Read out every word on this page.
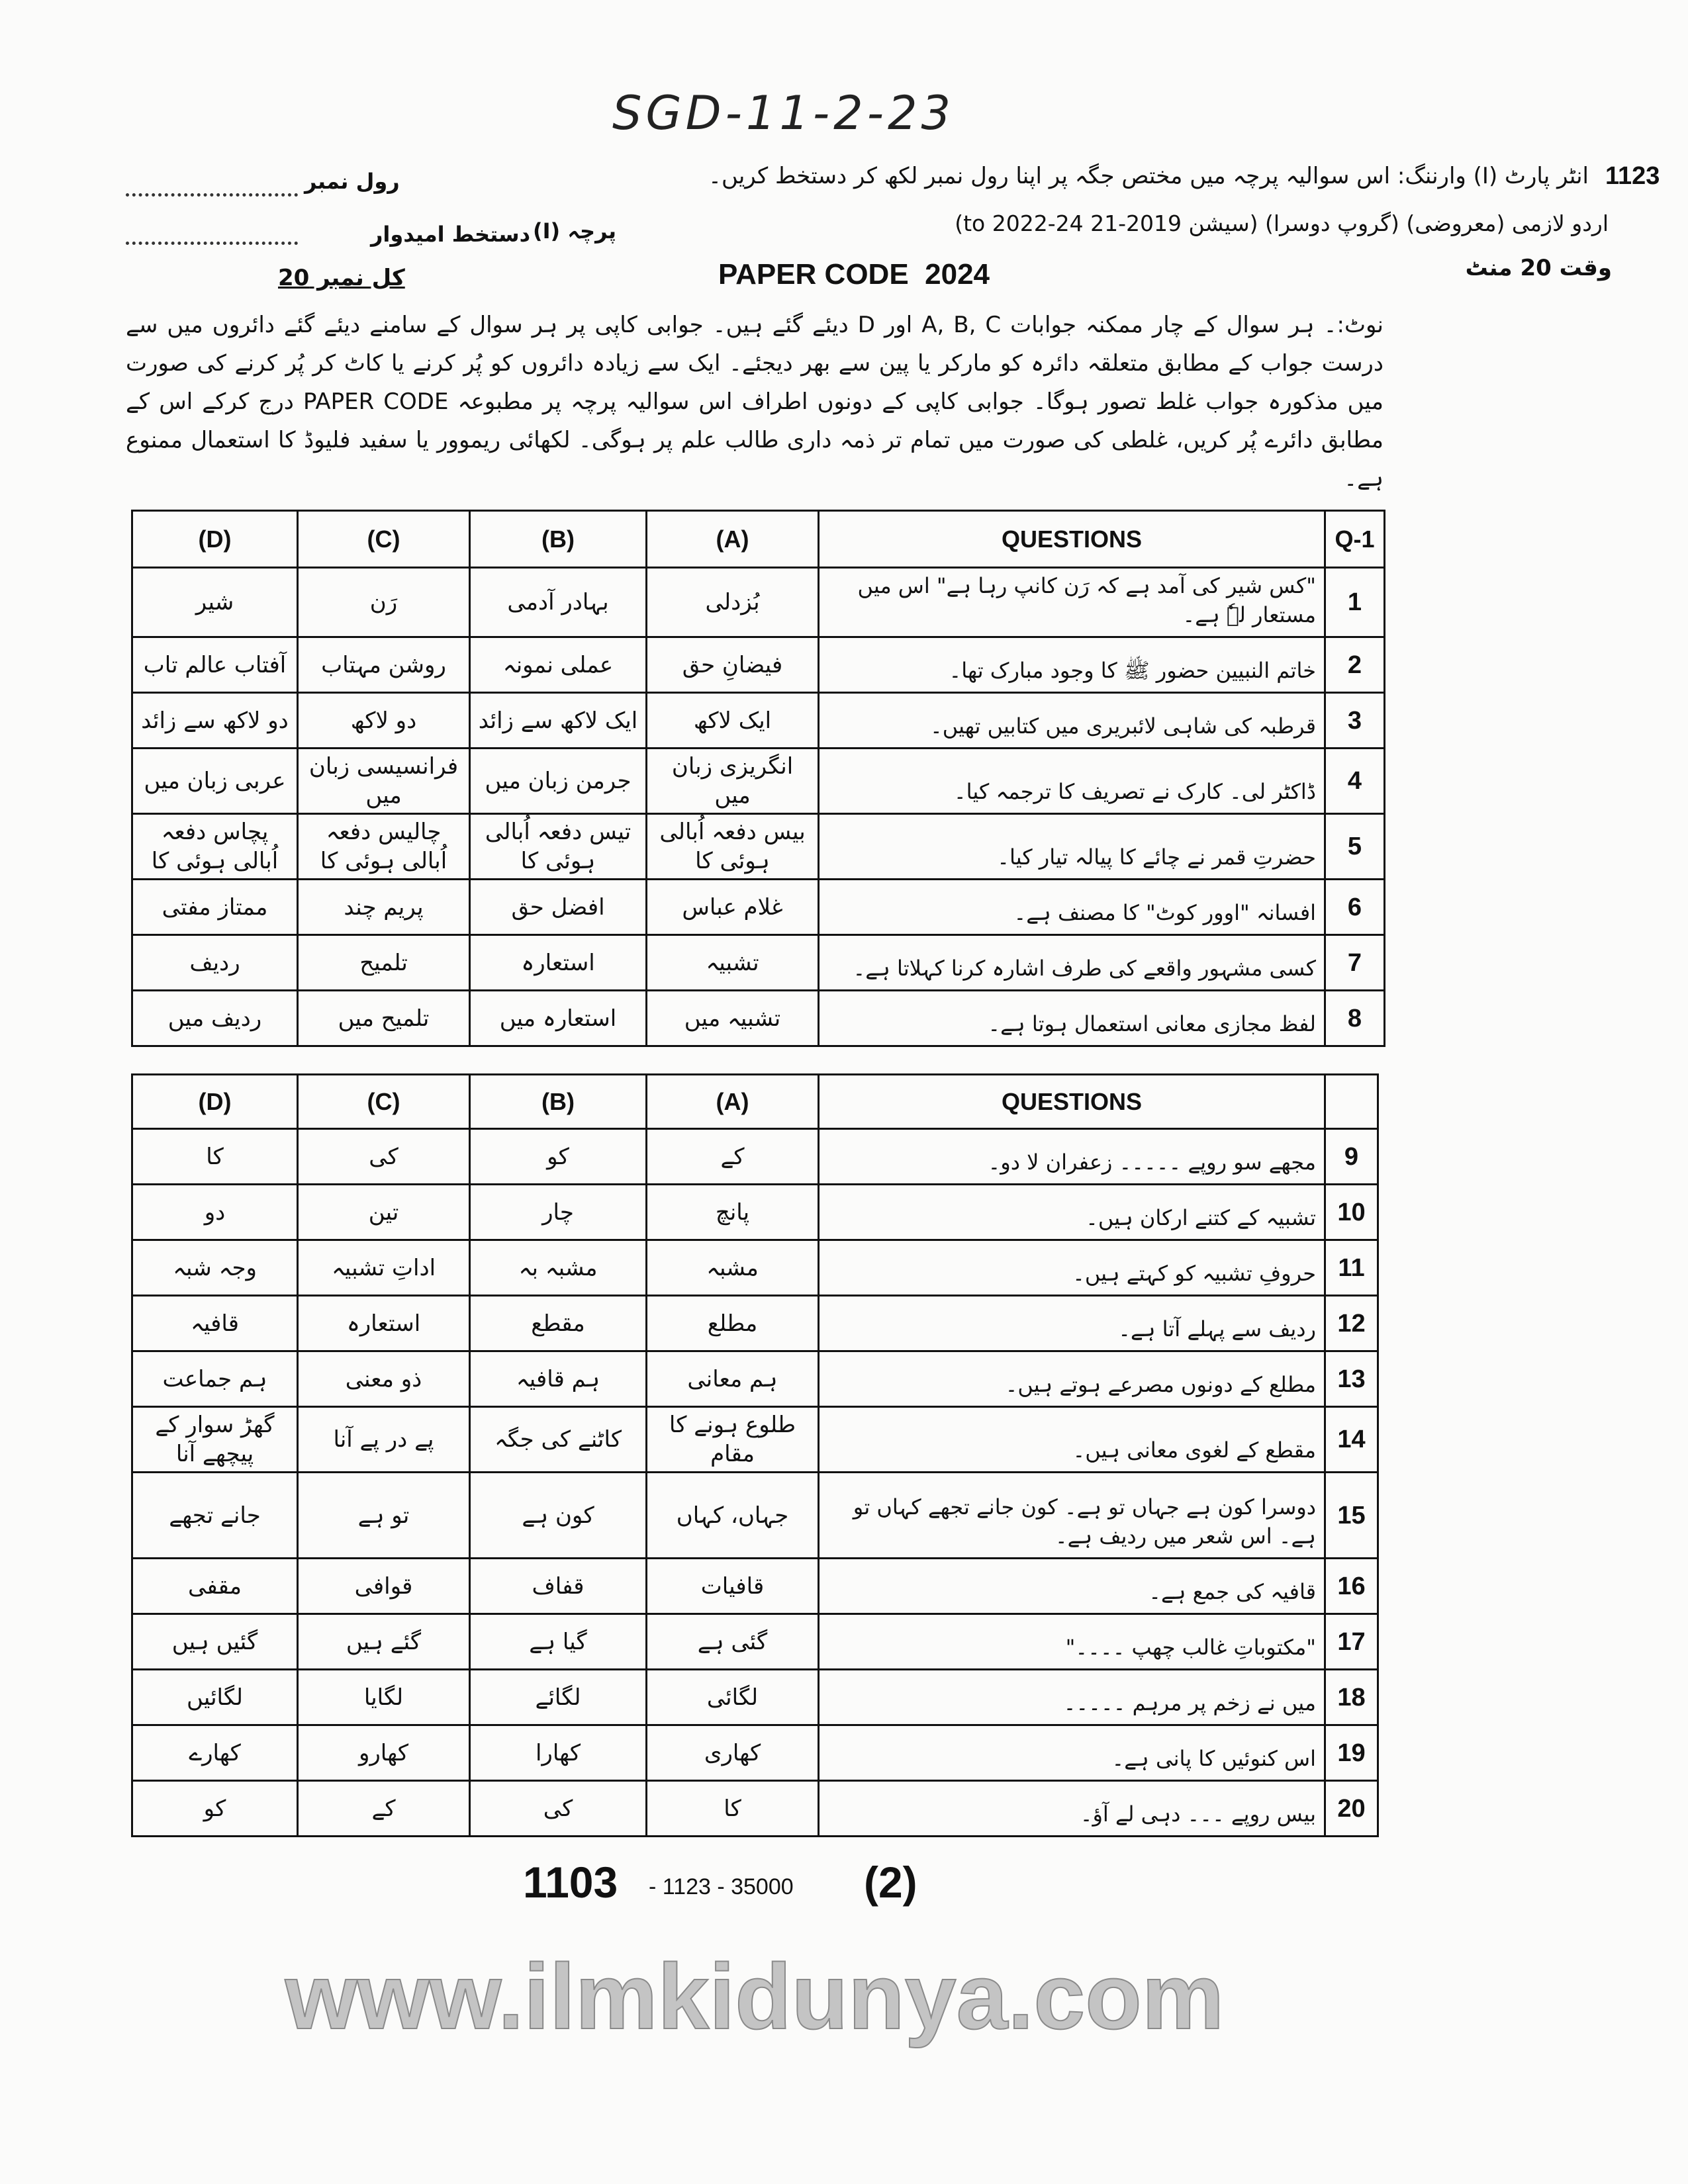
SGD-11-2-23
1123
انٹر پارٹ (I) وارننگ: اس سوالیہ پرچہ میں مختص جگہ پر اپنا رول نمبر لکھ کر دستخط کریں۔
رول نمبر
اردو لازمی (معروضی) (گروپ دوسرا) (سیشن 2019-21 to 2022-24)
پرچہ (I)
دستخط امیدوار
وقت 20 منٹ
PAPER CODE  2024
کل نمبر 20
نوٹ:۔ ہر سوال کے چار ممکنہ جوابات A, B, C اور D دیئے گئے ہیں۔ جوابی کاپی پر ہر سوال کے سامنے دیئے گئے دائروں میں سے درست جواب کے مطابق متعلقہ دائرہ کو مارکر یا پین سے بھر دیجئے۔ ایک سے زیادہ دائروں کو پُر کرنے یا کاٹ کر پُر کرنے کی صورت میں مذکورہ جواب غلط تصور ہوگا۔ جوابی کاپی کے دونوں اطراف اس سوالیہ پرچہ پر مطبوعہ PAPER CODE درج کرکے اس کے مطابق دائرے پُر کریں، غلطی کی صورت میں تمام تر ذمہ داری طالب علم پر ہوگی۔ لکھائی ریموور یا سفید فلیوڈ کا استعمال ممنوع ہے۔
(D)	(C)	(B)	(A)	QUESTIONS	Q-1
شیر	رَن	بہادر آدمی	بُزدلی	"کس شیر کی آمد ہے کہ رَن کانپ رہا ہے" اس میں مستعار لہٗ ہے۔	1
آفتاب عالم تاب	روشن مہتاب	عملی نمونہ	فیضانِ حق	خاتم النبیین حضور ﷺ کا وجود مبارک تھا۔	2
دو لاکھ سے زائد	دو لاکھ	ایک لاکھ سے زائد	ایک لاکھ	قرطبہ کی شاہی لائبریری میں کتابیں تھیں۔	3
عربی زبان میں	فرانسیسی زبان میں	جرمن زبان میں	انگریزی زبان میں	ڈاکٹر لی۔ کارک نے تصریف کا ترجمہ کیا۔	4
پچاس دفعہ اُبالی ہوئی کا	چالیس دفعہ اُبالی ہوئی کا	تیس دفعہ اُبالی ہوئی کا	بیس دفعہ اُبالی ہوئی کا	حضرتِ قمر نے چائے کا پیالہ تیار کیا۔	5
ممتاز مفتی	پریم چند	افضل حق	غلام عباس	افسانہ "اوور کوٹ" کا مصنف ہے۔	6
ردیف	تلمیح	استعارہ	تشبیہ	کسی مشہور واقعے کی طرف اشارہ کرنا کہلاتا ہے۔	7
ردیف میں	تلمیح میں	استعارہ میں	تشبیہ میں	لفظ مجازی معانی استعمال ہوتا ہے۔	8
(D)	(C)	(B)	(A)	QUESTIONS	
کا	کی	کو	کے	مجھے سو روپے ۔۔۔۔۔ زعفران لا دو۔	9
دو	تین	چار	پانچ	تشبیہ کے کتنے ارکان ہیں۔	10
وجہ شبہ	اداتِ تشبیہ	مشبہ بہ	مشبہ	حروفِ تشبیہ کو کہتے ہیں۔	11
قافیہ	استعارہ	مقطع	مطلع	ردیف سے پہلے آتا ہے۔	12
ہم جماعت	ذو معنی	ہم قافیہ	ہم معانی	مطلع کے دونوں مصرعے ہوتے ہیں۔	13
گھڑ سوار کے پیچھے آنا	پے در پے آنا	کاٹنے کی جگہ	طلوع ہونے کا مقام	مقطع کے لغوی معانی ہیں۔	14
جانے تجھے	تو ہے	کون ہے	جہاں، کہاں	دوسرا کون ہے جہاں تو ہے۔ کون جانے تجھے کہاں تو ہے۔ اس شعر میں ردیف ہے۔	15
مقفی	قوافی	قفاف	قافیات	قافیہ کی جمع ہے۔	16
گئیں ہیں	گئے ہیں	گیا ہے	گئی ہے	"مکتوباتِ غالب چھپ ۔۔۔۔"	17
لگائیں	لگایا	لگائے	لگائی	میں نے زخم پر مرہم ۔۔۔۔۔	18
کھارے	کھارو	کھارا	کھاری	اس کنوئیں کا پانی ہے۔	19
کو	کے	کی	کا	بیس روپے ۔۔۔ دہی لے آؤ۔	20
1103 - 1123 - 35000 (2)
www.ilmkidunya.com
